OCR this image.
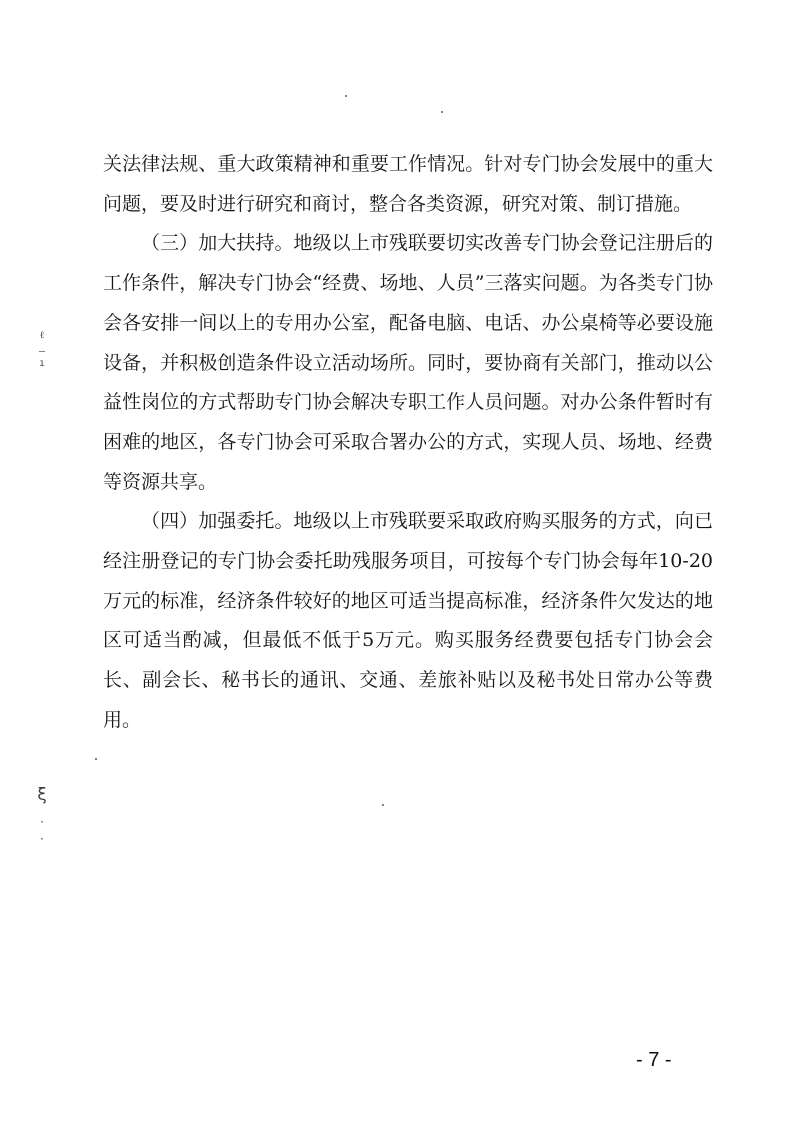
ℓ
–
ı
ξ
·
·

关法律法规、重大政策精神和重要工作情况。针对专门协会发展中的重大问题，要及时进行研究和商讨，整合各类资源，研究对策、制订措施。

（三）加大扶持。地级以上市残联要切实改善专门协会登记注册后的工作条件，解决专门协会“经费、场地、人员”三落实问题。为各类专门协会各安排一间以上的专用办公室，配备电脑、电话、办公桌椅等必要设施设备，并积极创造条件设立活动场所。同时，要协商有关部门，推动以公益性岗位的方式帮助专门协会解决专职工作人员问题。对办公条件暂时有困难的地区，各专门协会可采取合署办公的方式，实现人员、场地、经费等资源共享。

（四）加强委托。地级以上市残联要采取政府购买服务的方式，向已经注册登记的专门协会委托助残服务项目，可按每个专门协会每年10-20万元的标准，经济条件较好的地区可适当提高标准，经济条件欠发达的地区可适当酌减，但最低不低于5万元。购买服务经费要包括专门协会会长、副会长、秘书长的通讯、交通、差旅补贴以及秘书处日常办公等费用。

- 7 -
